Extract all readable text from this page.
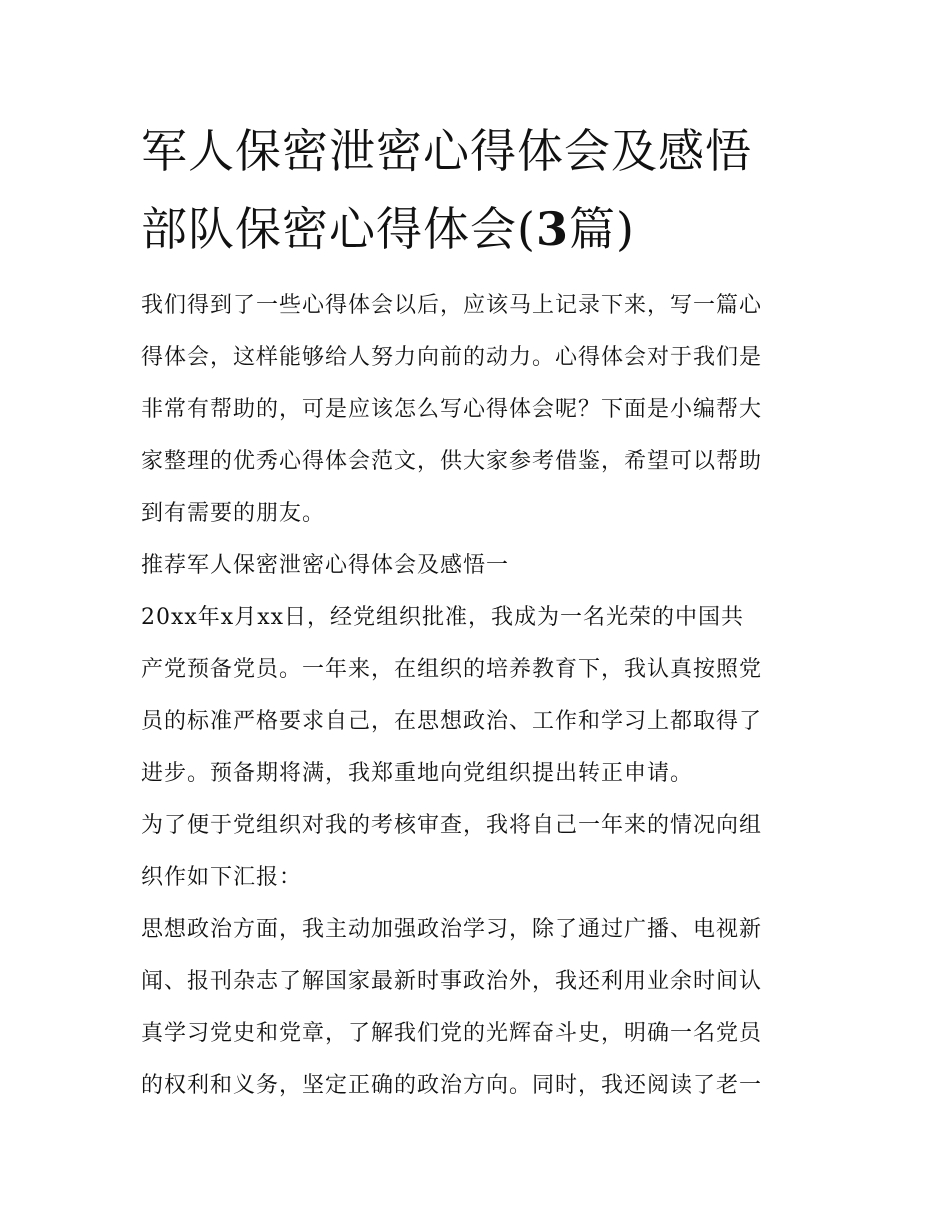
军人保密泄密心得体会及感悟
部队保密心得体会(3篇)
我们得到了一些心得体会以后，应该马上记录下来，写一篇心
得体会，这样能够给人努力向前的动力。心得体会对于我们是
非常有帮助的，可是应该怎么写心得体会呢？下面是小编帮大
家整理的优秀心得体会范文，供大家参考借鉴，希望可以帮助
到有需要的朋友。
推荐军人保密泄密心得体会及感悟一
20xx年x月xx日，经党组织批准，我成为一名光荣的中国共
产党预备党员。一年来，在组织的培养教育下，我认真按照党
员的标准严格要求自己，在思想政治、工作和学习上都取得了
进步。预备期将满，我郑重地向党组织提出转正申请。
为了便于党组织对我的考核审查，我将自己一年来的情况向组
织作如下汇报：
思想政治方面，我主动加强政治学习，除了通过广播、电视新
闻、报刊杂志了解国家最新时事政治外，我还利用业余时间认
真学习党史和党章，了解我们党的光辉奋斗史，明确一名党员
的权利和义务，坚定正确的政治方向。同时，我还阅读了老一
